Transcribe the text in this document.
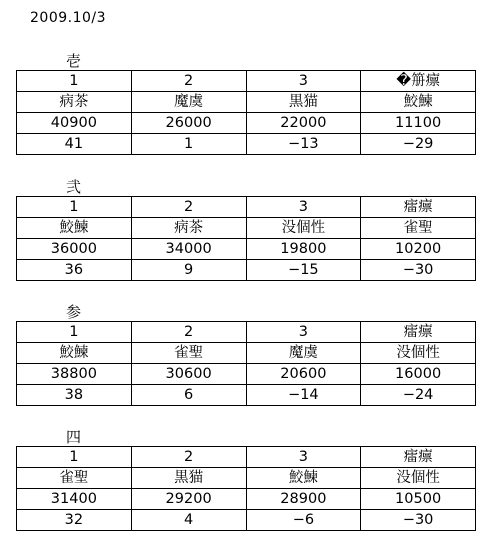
2009.10/3
壱
1	2	3	�笧癝
病茶	魔虞	黒猫	鮫鰊
40900	26000	22000	11100
41	1	−13	−29
弐
1	2	3	癗癝
鮫鰊	病茶	没個性	雀聖
36000	34000	19800	10200
36	9	−15	−30
参
1	2	3	癗癝
鮫鰊	雀聖	魔虞	没個性
38800	30600	20600	16000
38	6	−14	−24
四
1	2	3	癗癝
雀聖	黒猫	鮫鰊	没個性
31400	29200	28900	10500
32	4	−6	−30
